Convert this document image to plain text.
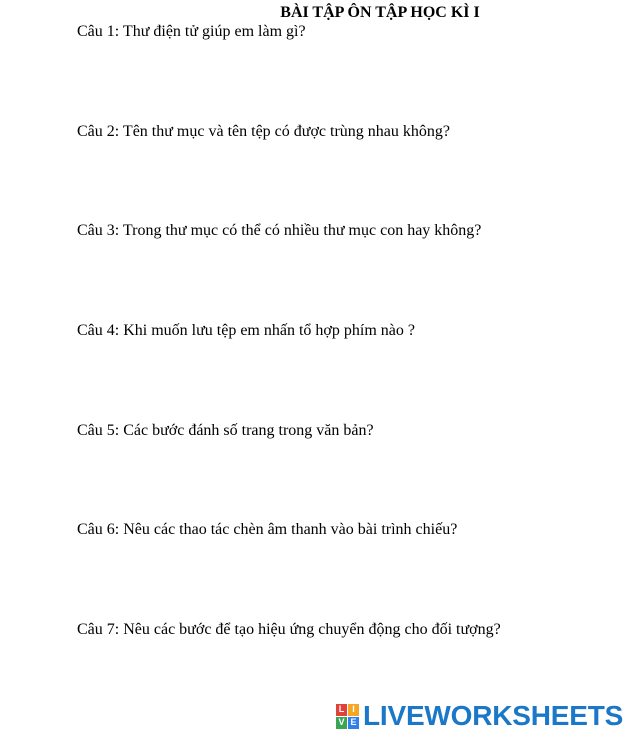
BÀI TẬP ÔN TẬP HỌC KÌ I
Câu 1: Thư điện tử giúp em làm gì?
Câu 2: Tên thư mục và tên tệp có được trùng nhau không?
Câu 3: Trong thư mục có thể có nhiều thư mục con hay không?
Câu 4: Khi muốn lưu tệp em nhấn tổ hợp phím nào ?
Câu 5: Các bước đánh số trang trong văn bản?
Câu 6: Nêu các thao tác chèn âm thanh vào bài trình chiếu?
Câu 7: Nêu các bước để tạo hiệu ứng chuyển động cho đối tượng?
L I
V E LIVEWORKSHEETS
